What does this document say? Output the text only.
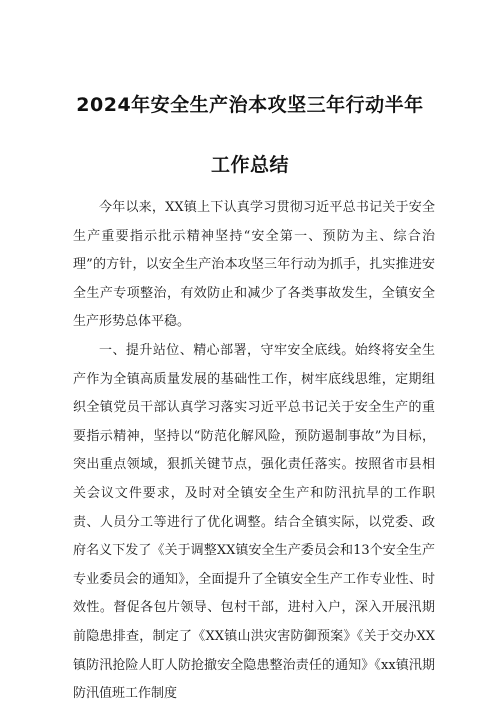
2024年安全生产治本攻坚三年行动半年
工作总结

今年以来，XX镇上下认真学习贯彻习近平总书记关于安全生产重要指示批示精神坚持“安全第一、预防为主、综合治理”的方针，以安全生产治本攻坚三年行动为抓手，扎实推进安全生产专项整治，有效防止和减少了各类事故发生，全镇安全生产形势总体平稳。

一、提升站位、精心部署，守牢安全底线。始终将安全生产作为全镇高质量发展的基础性工作，树牢底线思维，定期组织全镇党员干部认真学习落实习近平总书记关于安全生产的重要指示精神，坚持以“防范化解风险，预防遏制事故”为目标，突出重点领域，狠抓关键节点，强化责任落实。按照省市县相关会议文件要求，及时对全镇安全生产和防汛抗旱的工作职责、人员分工等进行了优化调整。结合全镇实际，以党委、政府名义下发了《关于调整XX镇安全生产委员会和13个安全生产专业委员会的通知》，全面提升了全镇安全生产工作专业性、时效性。督促各包片领导、包村干部，进村入户，深入开展汛期前隐患排查，制定了《XX镇山洪灾害防御预案》《关于交办XX镇防汛抢险人盯人防抢撤安全隐患整治责任的通知》《xx镇汛期防汛值班工作制度
